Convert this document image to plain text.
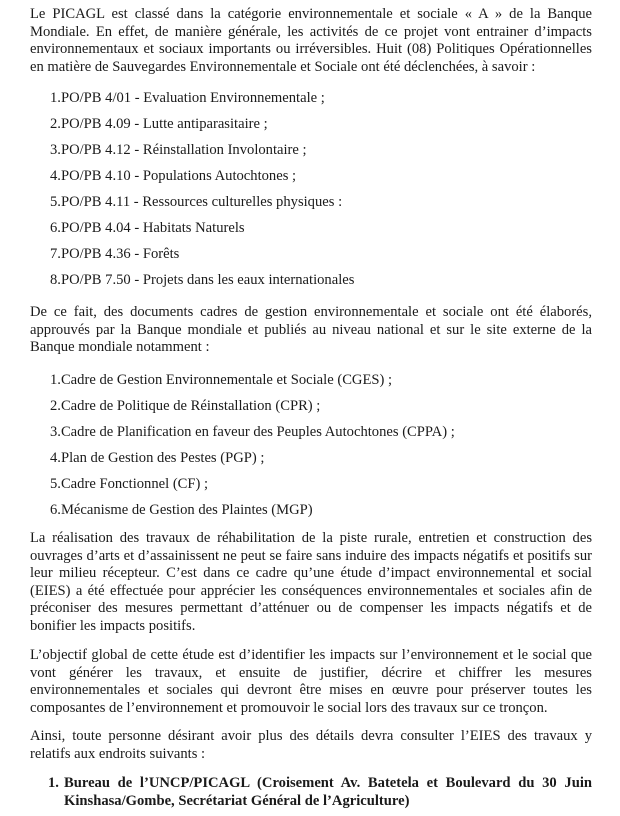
Le PICAGL est classé dans la catégorie environnementale et sociale « A » de la Banque Mondiale. En effet, de manière générale, les activités de ce projet vont entrainer d’impacts environnementaux et sociaux importants ou irréversibles. Huit (08) Politiques Opérationnelles en matière de Sauvegardes Environnementale et Sociale ont été déclenchées, à savoir :

1.PO/PB 4/01 - Evaluation Environnementale ;
2.PO/PB 4.09 - Lutte antiparasitaire ;
3.PO/PB 4.12 - Réinstallation Involontaire ;
4.PO/PB 4.10 - Populations Autochtones ;
5.PO/PB 4.11 - Ressources culturelles physiques :
6.PO/PB 4.04 - Habitats Naturels
7.PO/PB 4.36 - Forêts
8.PO/PB 7.50 - Projets dans les eaux internationales

De ce fait, des documents cadres de gestion environnementale et sociale ont été élaborés, approuvés par la Banque mondiale et publiés au niveau national et sur le site externe de la Banque mondiale notamment :

1.Cadre de Gestion Environnementale et Sociale (CGES) ;
2.Cadre de Politique de Réinstallation (CPR) ;
3.Cadre de Planification en faveur des Peuples Autochtones (CPPA) ;
4.Plan de Gestion des Pestes (PGP) ;
5.Cadre Fonctionnel (CF) ;
6.Mécanisme de Gestion des Plaintes (MGP)

La réalisation des travaux de réhabilitation de la piste rurale, entretien et construction des ouvrages d’arts et d’assainissent ne peut se faire sans induire des impacts négatifs et positifs sur leur milieu récepteur. C’est dans ce cadre qu’une étude d’impact environnemental et social (EIES) a été effectuée pour apprécier les conséquences environnementales et sociales afin de préconiser des mesures permettant d’atténuer ou de compenser les impacts négatifs et de bonifier les impacts positifs.

L’objectif global de cette étude est d’identifier les impacts sur l’environnement et le social que vont générer les travaux, et ensuite de justifier, décrire et chiffrer les mesures environnementales et sociales qui devront être mises en œuvre pour préserver toutes les composantes de l’environnement et promouvoir le social lors des travaux sur ce tronçon.

Ainsi, toute personne désirant avoir plus des détails devra consulter l’EIES des travaux y relatifs aux endroits suivants :

1. Bureau de l’UNCP/PICAGL (Croisement Av. Batetela et Boulevard du 30 Juin Kinshasa/Gombe, Secrétariat Général de l’Agriculture)
